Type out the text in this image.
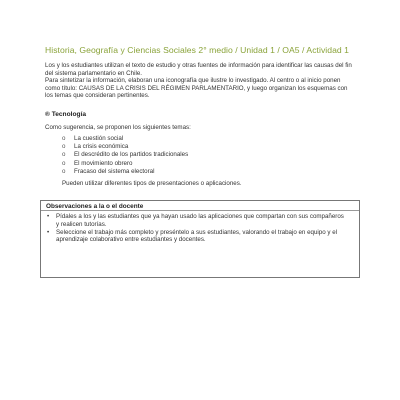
Historia, Geografía y Ciencias Sociales 2° medio / Unidad 1 / OA5 / Actividad 1

Los y los estudiantes utilizan el texto de estudio y otras fuentes de información para identificar las causas del fin del sistema parlamentario en Chile.

Para sintetizar la información, elaboran una iconografía que ilustre lo investigado. Al centro o al inicio ponen como título: CAUSAS DE LA CRISIS DEL RÉGIMEN PARLAMENTARIO, y luego organizan los esquemas con los temas que consideran pertinentes.

® Tecnología
Como sugerencia, se proponen los siguientes temas:
o La cuestión social
o La crisis económica
o El descrédito de los partidos tradicionales
o El movimiento obrero
o Fracaso del sistema electoral
Pueden utilizar diferentes tipos de presentaciones o aplicaciones.
Observaciones a la o el docente
• Pídales a los y las estudiantes que ya hayan usado las aplicaciones que compartan con sus compañeros y realicen tutorías.
• Seleccione el trabajo más completo y preséntelo a sus estudiantes, valorando el trabajo en equipo y el aprendizaje colaborativo entre estudiantes y docentes.
